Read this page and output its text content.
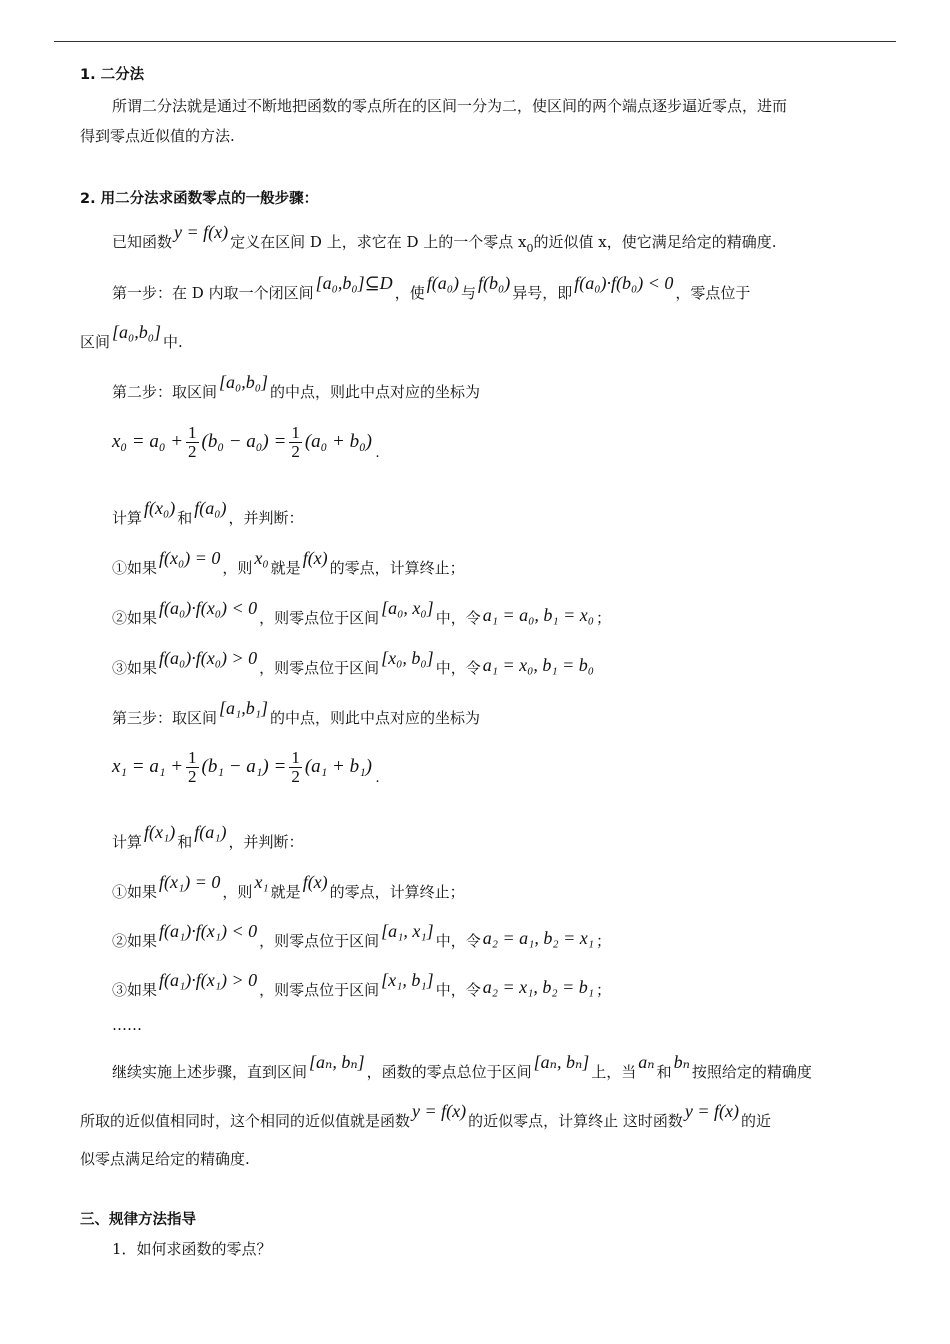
1. 二分法
所谓二分法就是通过不断地把函数的零点所在的区间一分为二，使区间的两个端点逐步逼近零点，进而
得到零点近似值的方法.
2. 用二分法求函数零点的一般步骤：
已知函数 y = f(x) 定义在区间 D 上，求它在 D 上的一个零点 $x_0$的近似值 x，使它满足给定的精确度.
第一步：在 D 内取一个闭区间 [a₀,b₀]⊆D ，使 f(a₀) 与 f(b₀) 异号，即 f(a₀)·f(b₀) < 0 ，零点位于
区间 [a₀,b₀] 中.
第二步：取区间 [a₀,b₀] 的中点，则此中点对应的坐标为
$x_0 = a_0 + \frac{1}{2} (b_0 - a_0) = \frac{1}{2} (a_0 + b_0)_.$
计算 f(x₀) 和 f(a₀) ，并判断：
①如果 f(x₀) = 0 ，则 x₀ 就是 f(x) 的零点，计算终止；
②如果 f(a₀)·f(x₀) < 0 ，则零点位于区间 [a₀, x₀] 中，令 a₁ = a₀, b₁ = x₀ ；
③如果 f(a₀)·f(x₀) > 0 ，则零点位于区间 [x₀, b₀] 中，令 a₁ = x₀, b₁ = b₀
第三步：取区间 [a₁,b₁] 的中点，则此中点对应的坐标为
$x_1 = a_1 + \frac{1}{2} (b_1 - a_1) = \frac{1}{2} (a_1 + b_1)_.$
计算 f(x₁) 和 f(a₁) ，并判断：
①如果 f(x₁) = 0 ，则 x₁ 就是 f(x) 的零点，计算终止；
②如果 f(a₁)·f(x₁) < 0 ，则零点位于区间 [a₁, x₁] 中，令 a₂ = a₁, b₂ = x₁ ；
③如果 f(a₁)·f(x₁) > 0 ，则零点位于区间 [x₁, b₁] 中，令 a₂ = x₁, b₂ = b₁ ；
……
继续实施上述步骤，直到区间 [aₙ, bₙ] ，函数的零点总位于区间 [aₙ, bₙ] 上，当 aₙ 和 bₙ 按照给定的精确度
所取的近似值相同时，这个相同的近似值就是函数 y = f(x) 的近似零点，计算终止 这时函数 y = f(x) 的近
似零点满足给定的精确度.
三、规律方法指导
1．如何求函数的零点？
